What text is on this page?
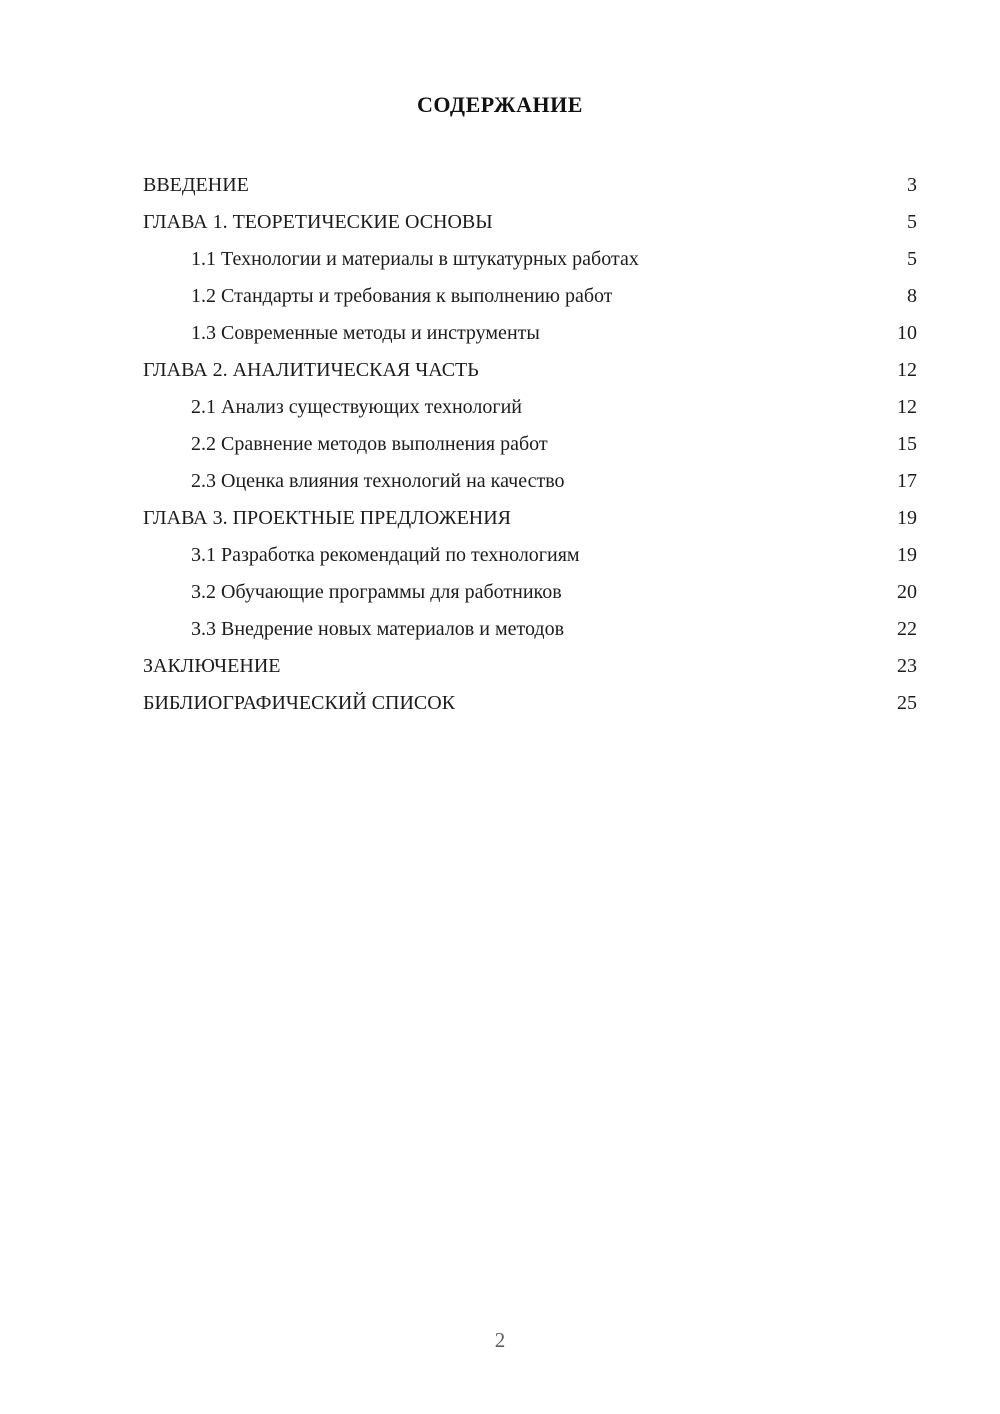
СОДЕРЖАНИЕ
ВВЕДЕНИЕ	3
ГЛАВА 1. ТЕОРЕТИЧЕСКИЕ ОСНОВЫ	5
1.1 Технологии и материалы в штукатурных работах	5
1.2 Стандарты и требования к выполнению работ	8
1.3 Современные методы и инструменты	10
ГЛАВА 2. АНАЛИТИЧЕСКАЯ ЧАСТЬ	12
2.1 Анализ существующих технологий	12
2.2 Сравнение методов выполнения работ	15
2.3 Оценка влияния технологий на качество	17
ГЛАВА 3. ПРОЕКТНЫЕ ПРЕДЛОЖЕНИЯ	19
3.1 Разработка рекомендаций по технологиям	19
3.2 Обучающие программы для работников	20
3.3 Внедрение новых материалов и методов	22
ЗАКЛЮЧЕНИЕ	23
БИБЛИОГРАФИЧЕСКИЙ СПИСОК	25
2
